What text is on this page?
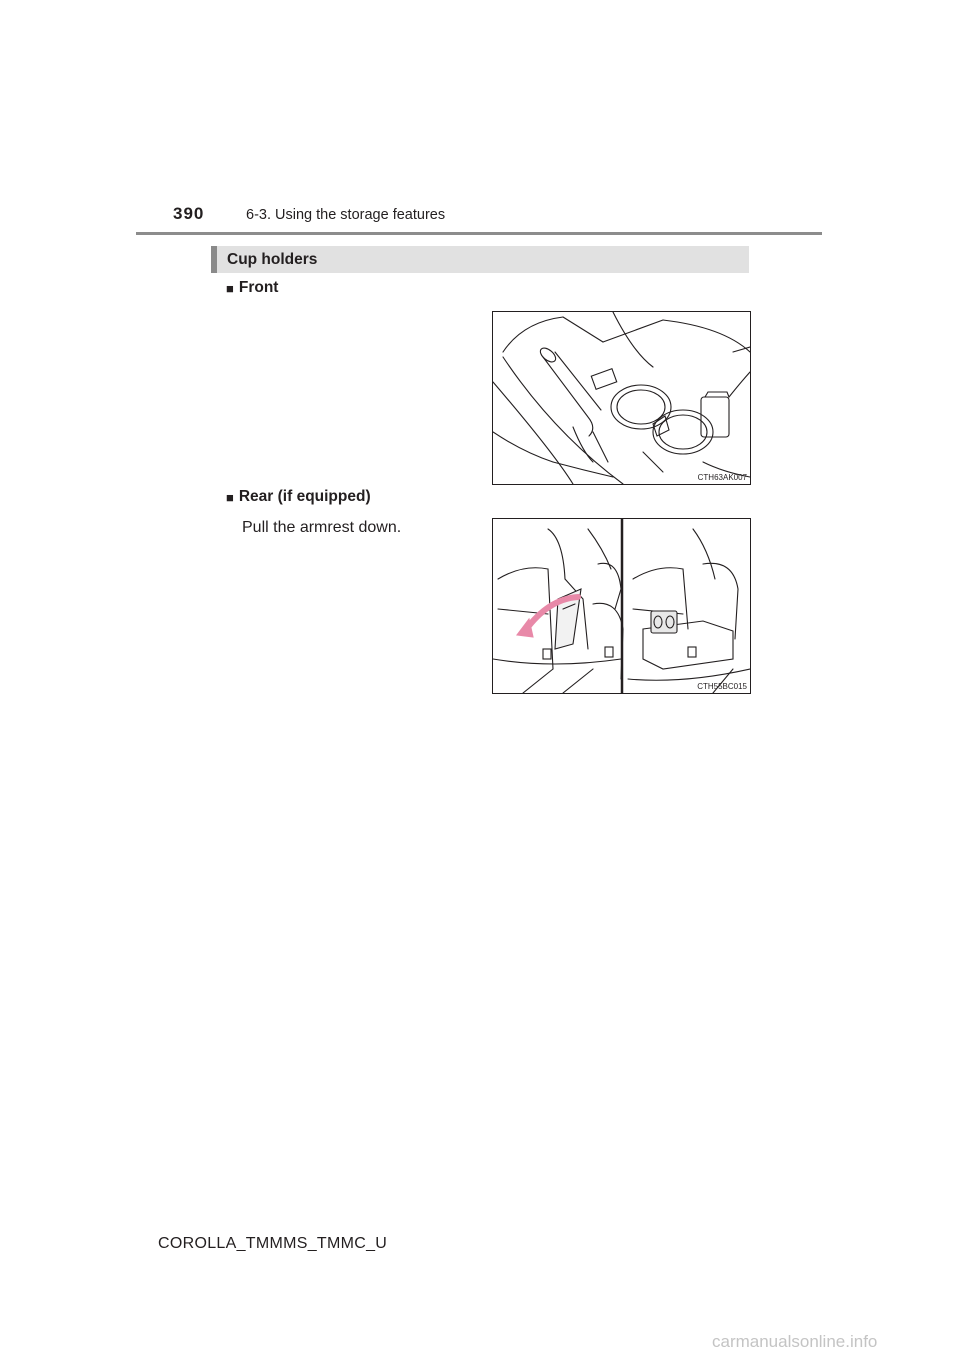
390	6-3. Using the storage features
Cup holders
■ Front
CTH63AK007
■ Rear (if equipped)
Pull the armrest down.
CTH55BC015
COROLLA_TMMMS_TMMC_U
carmanualsonline.info
